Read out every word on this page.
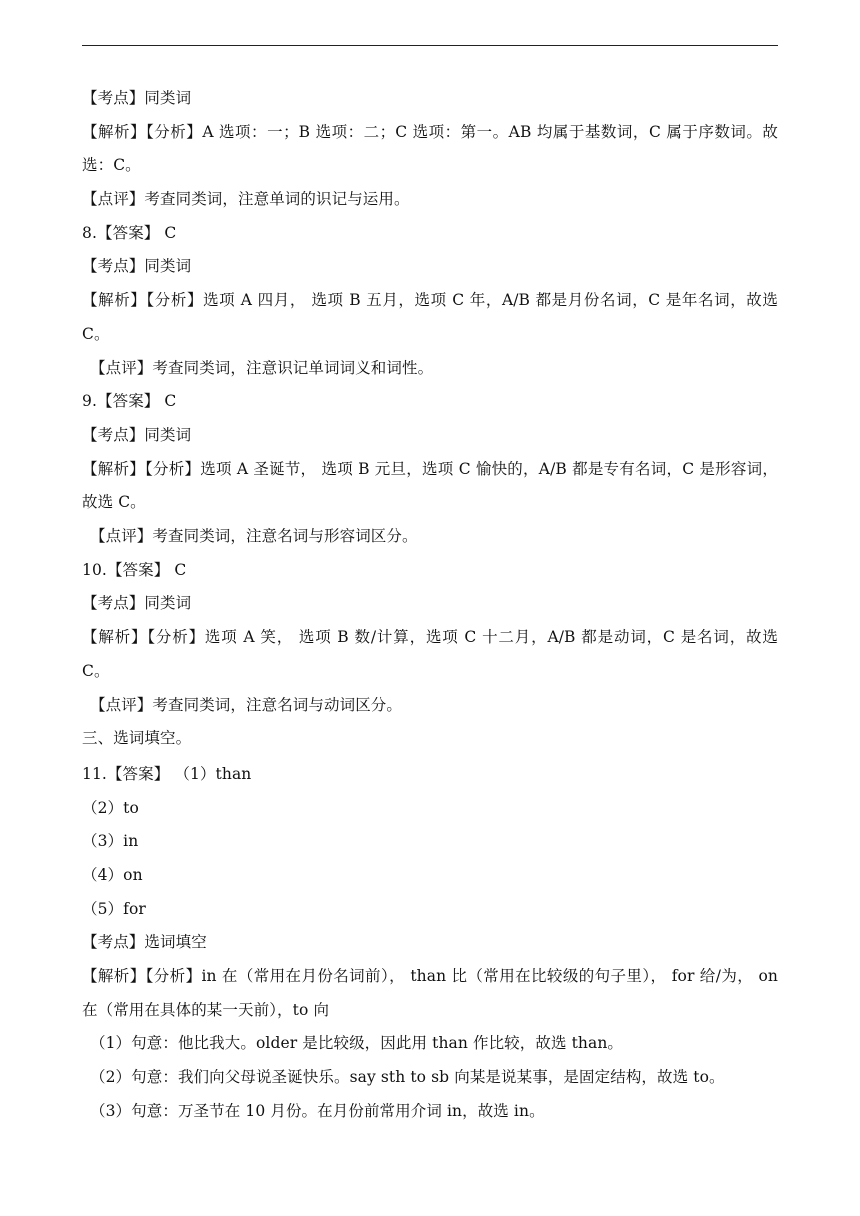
【考点】同类词
【解析】【分析】A 选项：一；B 选项：二；C 选项：第一。AB 均属于基数词，C 属于序数词。故选：C。
【点评】考查同类词，注意单词的识记与运用。
8.【答案】 C
【考点】同类词
【解析】【分析】选项 A 四月， 选项 B 五月，选项 C 年，A/B 都是月份名词，C 是年名词，故选 C。
【点评】考查同类词，注意识记单词词义和词性。
9.【答案】 C
【考点】同类词
【解析】【分析】选项 A 圣诞节， 选项 B 元旦，选项 C 愉快的，A/B 都是专有名词，C 是形容词，故选 C。
【点评】考查同类词，注意名词与形容词区分。
10.【答案】 C
【考点】同类词
【解析】【分析】选项 A 笑， 选项 B 数/计算，选项 C 十二月，A/B 都是动词，C 是名词，故选 C。
【点评】考查同类词，注意名词与动词区分。
三、选词填空。
11.【答案】 （1）than
（2）to
（3）in
（4）on
（5）for
【考点】选词填空
【解析】【分析】in 在（常用在月份名词前）， than 比（常用在比较级的句子里）， for 给/为， on 在（常用在具体的某一天前），to 向
（1）句意：他比我大。older 是比较级，因此用 than 作比较，故选 than。
（2）句意：我们向父母说圣诞快乐。say sth to sb 向某是说某事，是固定结构，故选 to。
（3）句意：万圣节在 10 月份。在月份前常用介词 in，故选 in。
